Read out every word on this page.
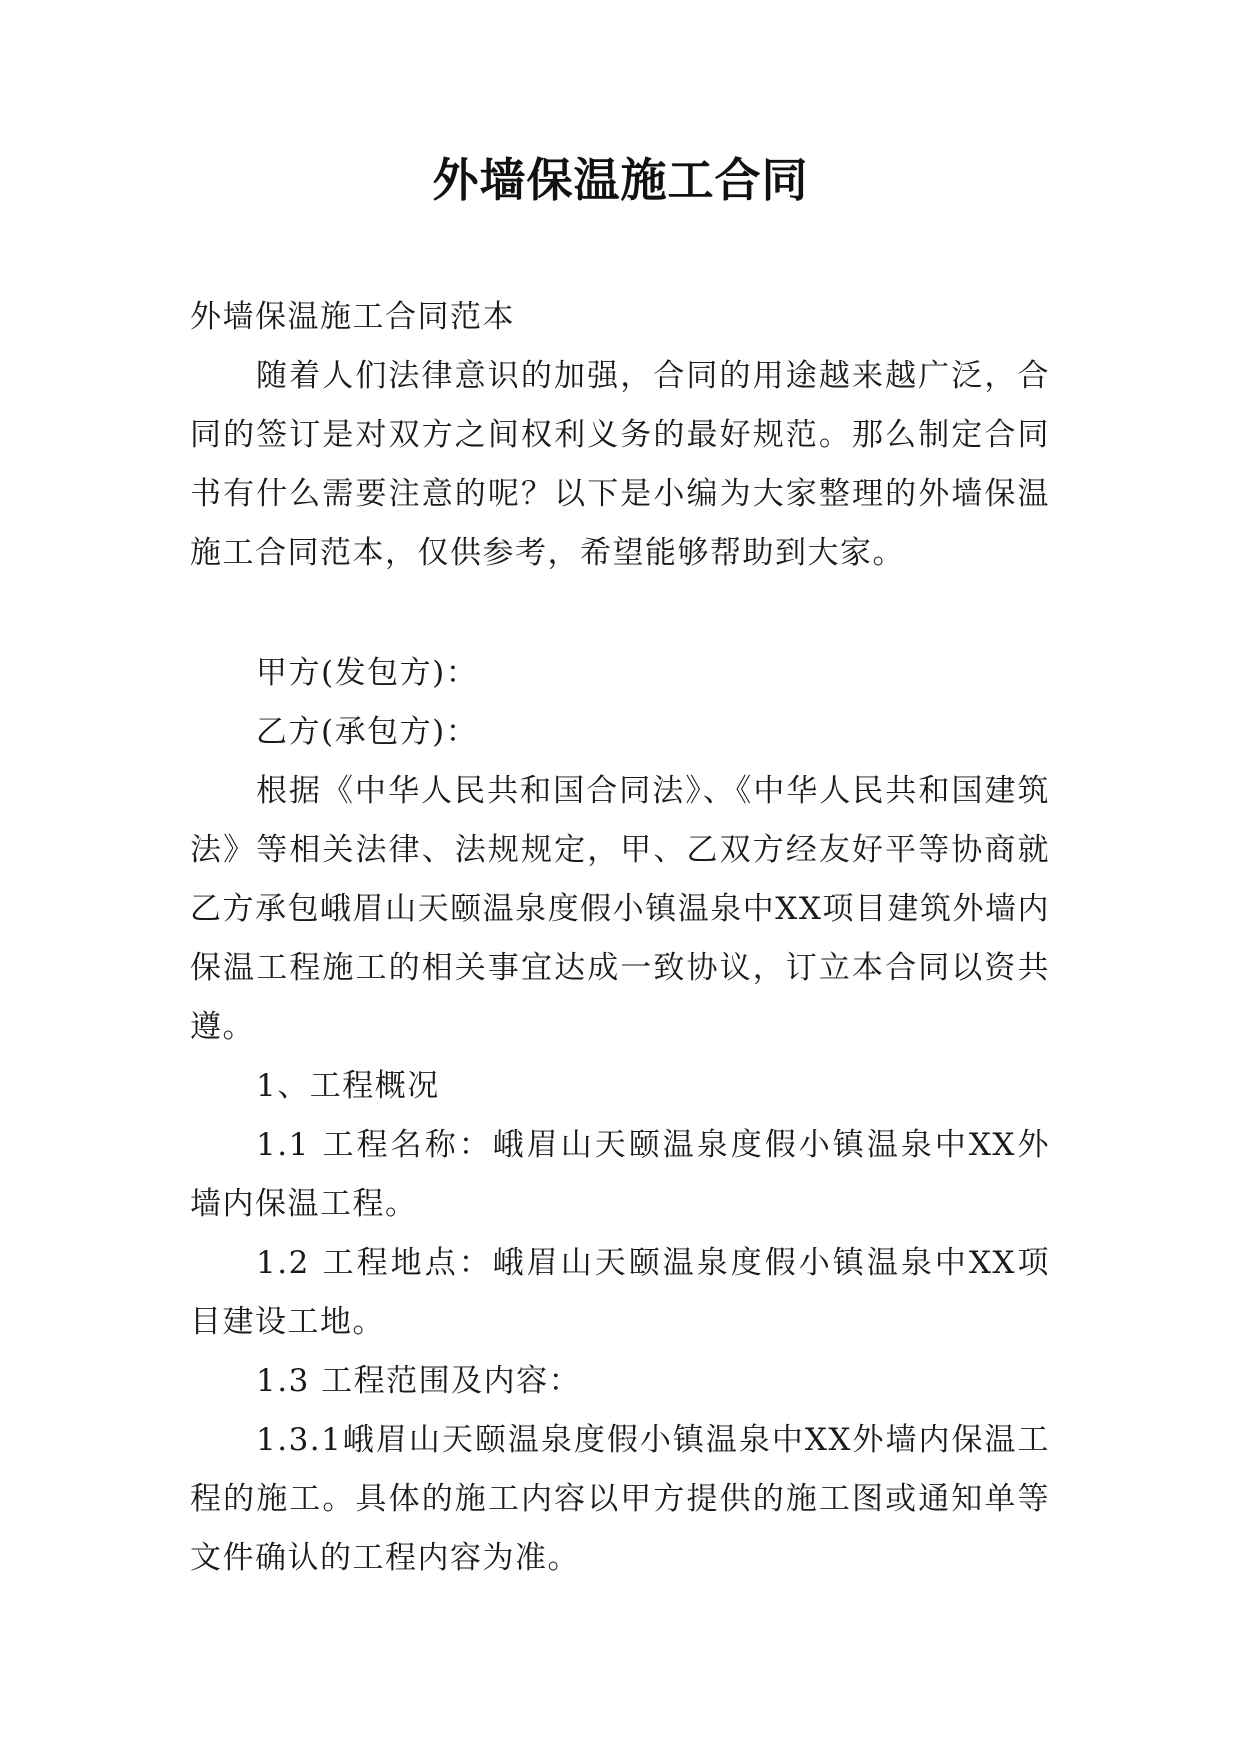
外墙保温施工合同

外墙保温施工合同范本

随着人们法律意识的加强，合同的用途越来越广泛，合同的签订是对双方之间权利义务的最好规范。那么制定合同书有什么需要注意的呢？以下是小编为大家整理的外墙保温施工合同范本，仅供参考，希望能够帮助到大家。

甲方(发包方)：

乙方(承包方)：

根据《中华人民共和国合同法》、《中华人民共和国建筑法》等相关法律、法规规定，甲、乙双方经友好平等协商就乙方承包峨眉山天颐温泉度假小镇温泉中XX项目建筑外墙内保温工程施工的相关事宜达成一致协议，订立本合同以资共遵。

1、工程概况

1.1 工程名称：峨眉山天颐温泉度假小镇温泉中XX外墙内保温工程。

1.2 工程地点：峨眉山天颐温泉度假小镇温泉中XX项目建设工地。

1.3 工程范围及内容：

1.3.1峨眉山天颐温泉度假小镇温泉中XX外墙内保温工程的施工。具体的施工内容以甲方提供的施工图或通知单等文件确认的工程内容为准。
